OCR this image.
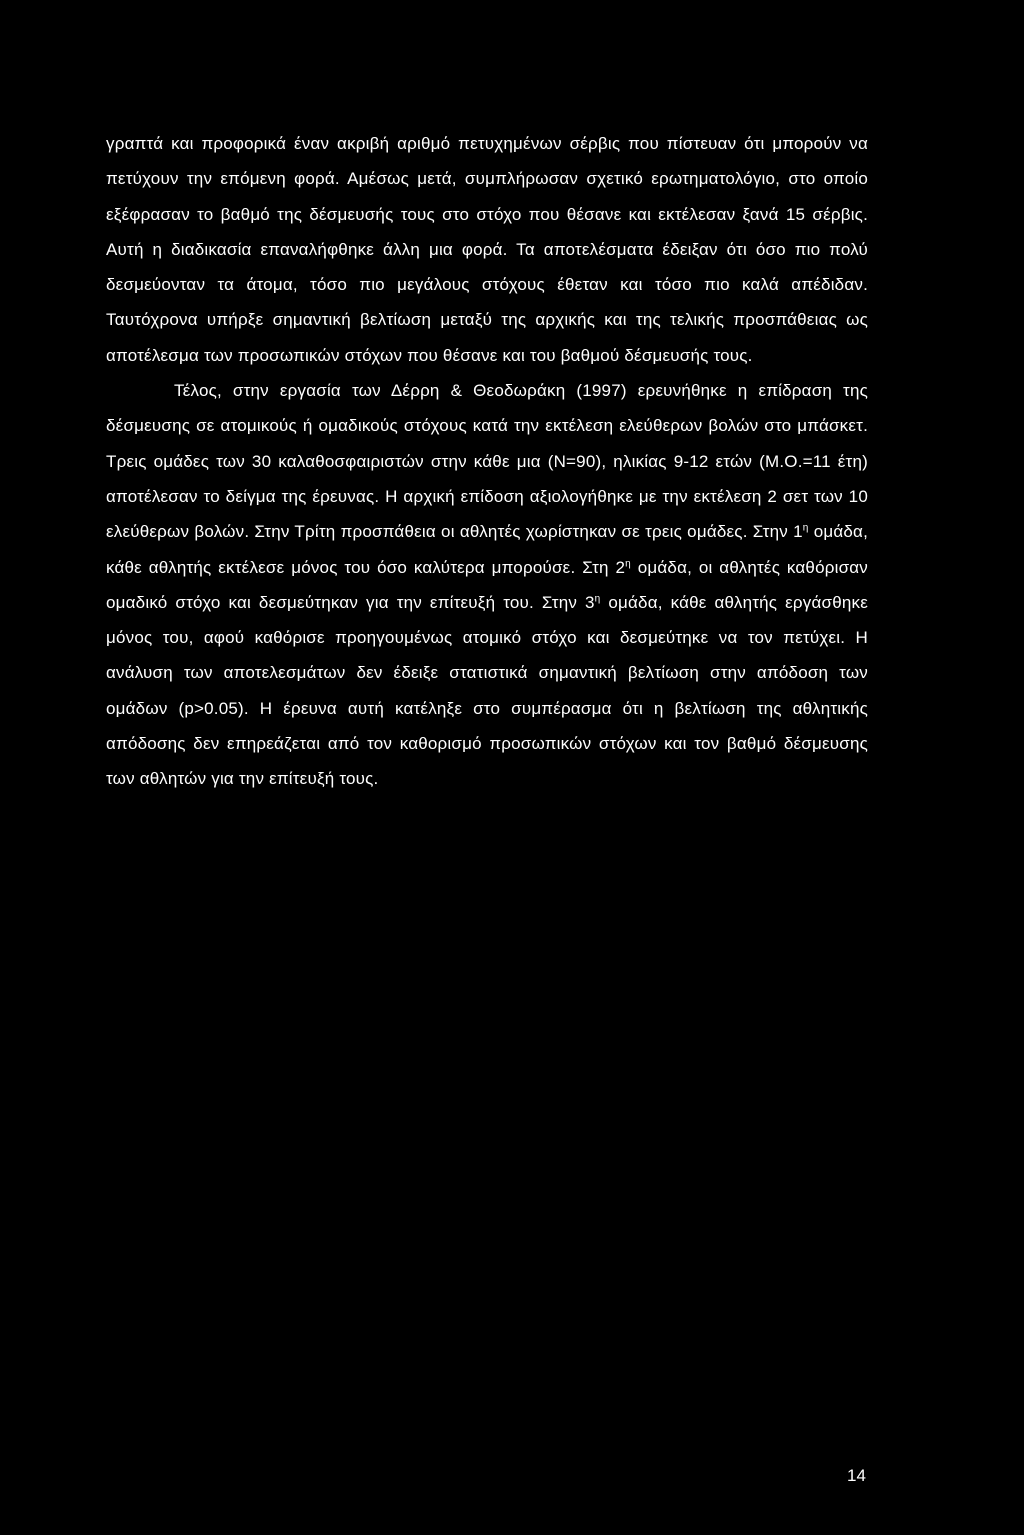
γραπτά και προφορικά έναν ακριβή αριθμό πετυχημένων σέρβις που πίστευαν ότι μπορούν να πετύχουν την επόμενη φορά. Αμέσως μετά, συμπλήρωσαν σχετικό ερωτηματολόγιο, στο οποίο εξέφρασαν το βαθμό της δέσμευσής τους στο στόχο που θέσανε και εκτέλεσαν ξανά 15 σέρβις. Αυτή η διαδικασία επαναλήφθηκε άλλη μια φορά. Τα αποτελέσματα έδειξαν ότι όσο πιο πολύ δεσμεύονταν τα άτομα, τόσο πιο μεγάλους στόχους έθεταν και τόσο πιο καλά απέδιδαν. Ταυτόχρονα υπήρξε σημαντική βελτίωση μεταξύ της αρχικής και της τελικής προσπάθειας ως αποτέλεσμα των προσωπικών στόχων που θέσανε και του βαθμού δέσμευσής τους.

Τέλος, στην εργασία των Δέρρη & Θεοδωράκη (1997) ερευνήθηκε η επίδραση της δέσμευσης σε ατομικούς ή ομαδικούς στόχους κατά την εκτέλεση ελεύθερων βολών στο μπάσκετ. Τρεις ομάδες των 30 καλαθοσφαιριστών στην κάθε μια (N=90), ηλικίας 9-12 ετών (M.O.=11 έτη) αποτέλεσαν το δείγμα της έρευνας. Η αρχική επίδοση αξιολογήθηκε με την εκτέλεση 2 σετ των 10 ελεύθερων βολών. Στην Τρίτη προσπάθεια οι αθλητές χωρίστηκαν σε τρεις ομάδες. Στην $1^\eta$ ομάδα, κάθε αθλητής εκτέλεσε μόνος του όσο καλύτερα μπορούσε. Στη $2^\eta$ ομάδα, οι αθλητές καθόρισαν ομαδικό στόχο και δεσμεύτηκαν για την επίτευξή του. Στην $3^\eta$ ομάδα, κάθε αθλητής εργάσθηκε μόνος του, αφού καθόρισε προηγουμένως ατομικό στόχο και δεσμεύτηκε να τον πετύχει. Η ανάλυση των αποτελεσμάτων δεν έδειξε στατιστικά σημαντική βελτίωση στην απόδοση των ομάδων (p>0.05). Η έρευνα αυτή κατέληξε στο συμπέρασμα ότι η βελτίωση της αθλητικής απόδοσης δεν επηρεάζεται από τον καθορισμό προσωπικών στόχων και τον βαθμό δέσμευσης των αθλητών για την επίτευξή τους.

14
